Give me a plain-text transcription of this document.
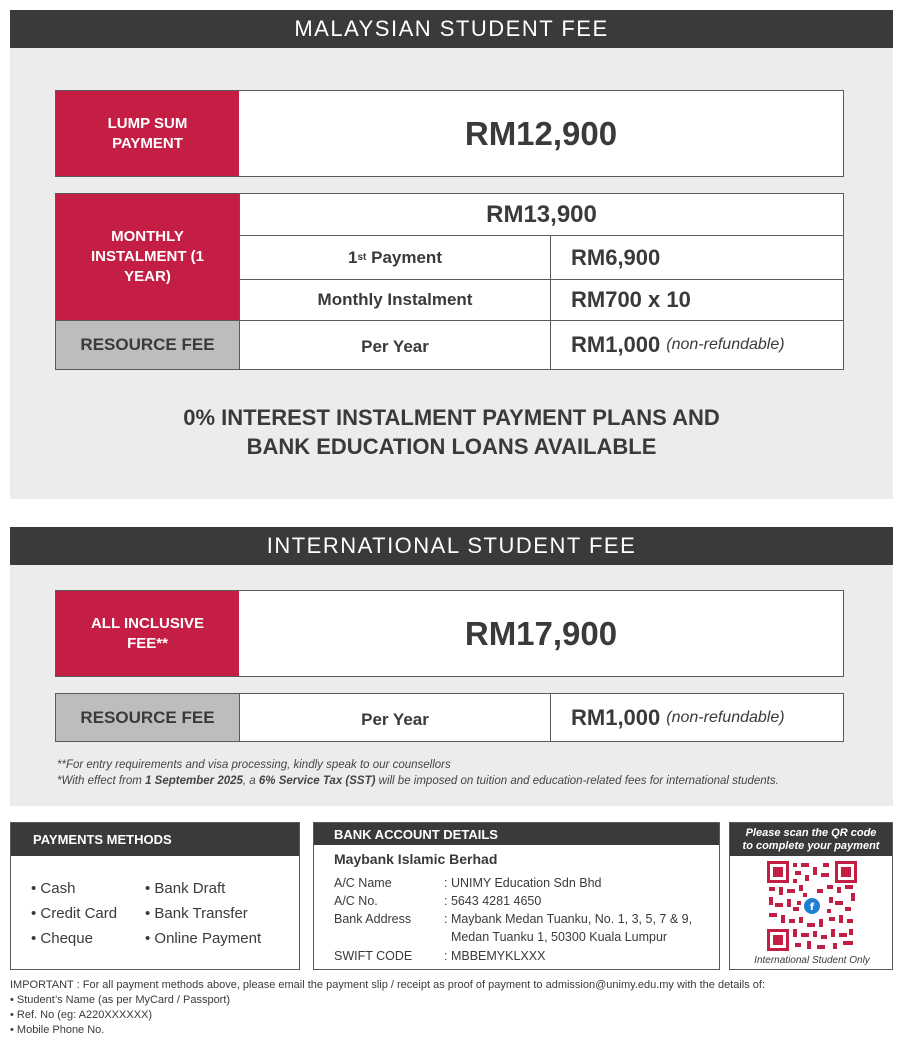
MALAYSIAN STUDENT FEE
LUMP SUM PAYMENT	RM12,900
MONTHLY INSTALMENT (1 YEAR)
RM13,900
1 st Payment	RM6,900
Monthly Instalment	RM700 x 10
RESOURCE FEE	Per Year	RM1,000 (non-refundable)
0% INTEREST INSTALMENT PAYMENT PLANS AND
BANK EDUCATION LOANS AVAILABLE
INTERNATIONAL STUDENT FEE
ALL INCLUSIVE FEE**	RM17,900
RESOURCE FEE	Per Year	RM1,000 (non-refundable)
**For entry requirements and visa processing, kindly speak to our counsellors
*With effect from 1 September 2025, a 6% Service Tax (SST) will be imposed on tuition and education-related fees for international students.
PAYMENTS METHODS
• Cash
• Credit Card
• Cheque
• Bank Draft
• Bank Transfer
• Online Payment
BANK ACCOUNT DETAILS
Maybank Islamic Berhad
A/C Name	: UNIMY Education Sdn Bhd
A/C No.	: 5643 4281 4650
Bank Address	: Maybank Medan Tuanku, No. 1, 3, 5, 7 & 9,
Medan Tuanku 1, 50300 Kuala Lumpur
SWIFT CODE	: MBBEMYKLXXX
Please scan the QR code
to complete your payment
f
International Student Only
IMPORTANT : For all payment methods above, please email the payment slip / receipt as proof of payment to admission@unimy.edu.my with the details of:
• Student’s Name (as per MyCard / Passport)
• Ref. No (eg: A220XXXXXX)
• Mobile Phone No.
